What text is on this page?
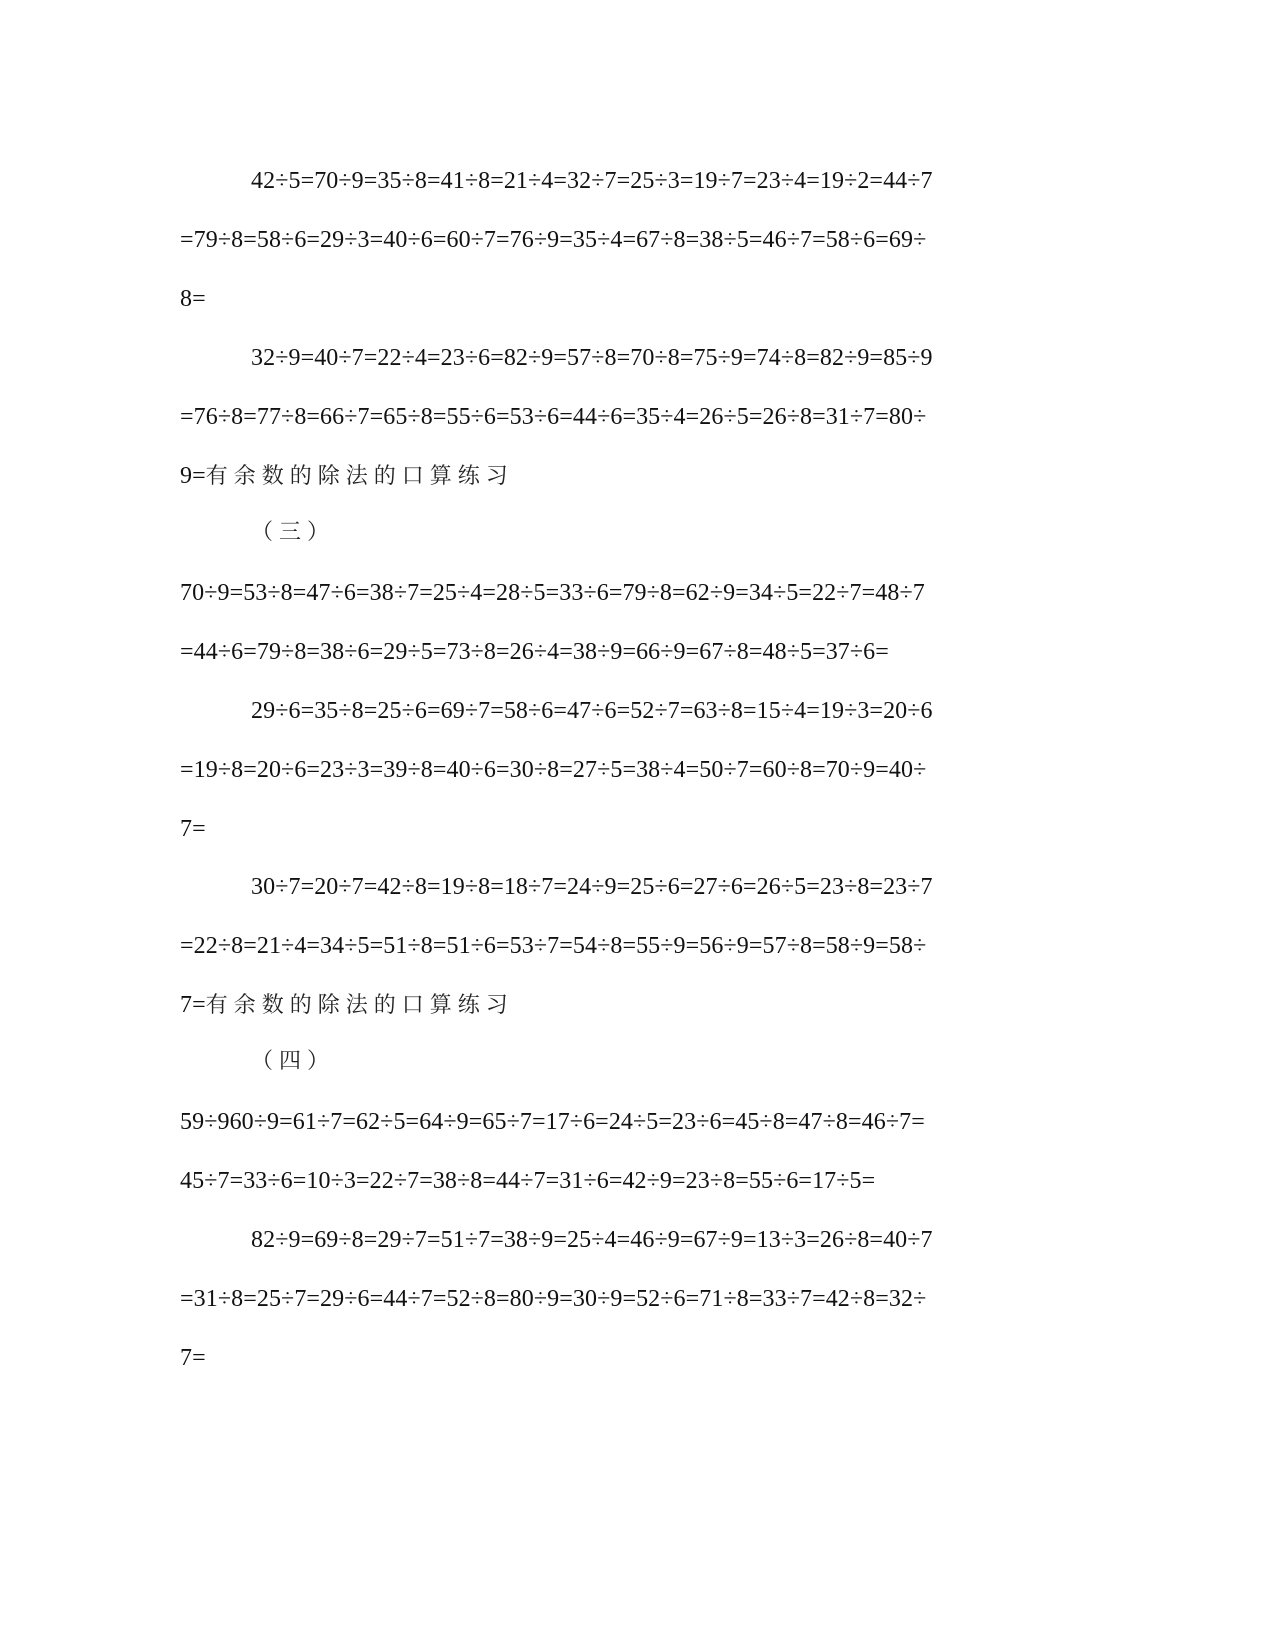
42÷5=70÷9=35÷8=41÷8=21÷4=32÷7=25÷3=19÷7=23÷4=19÷2=44÷7
=79÷8=58÷6=29÷3=40÷6=60÷7=76÷9=35÷4=67÷8=38÷5=46÷7=58÷6=69÷
8=
32÷9=40÷7=22÷4=23÷6=82÷9=57÷8=70÷8=75÷9=74÷8=82÷9=85÷9
=76÷8=77÷8=66÷7=65÷8=55÷6=53÷6=44÷6=35÷4=26÷5=26÷8=31÷7=80÷
9=有余数的除法的口算练习
（三）
70÷9=53÷8=47÷6=38÷7=25÷4=28÷5=33÷6=79÷8=62÷9=34÷5=22÷7=48÷7
=44÷6=79÷8=38÷6=29÷5=73÷8=26÷4=38÷9=66÷9=67÷8=48÷5=37÷6=
29÷6=35÷8=25÷6=69÷7=58÷6=47÷6=52÷7=63÷8=15÷4=19÷3=20÷6
=19÷8=20÷6=23÷3=39÷8=40÷6=30÷8=27÷5=38÷4=50÷7=60÷8=70÷9=40÷
7=
30÷7=20÷7=42÷8=19÷8=18÷7=24÷9=25÷6=27÷6=26÷5=23÷8=23÷7
=22÷8=21÷4=34÷5=51÷8=51÷6=53÷7=54÷8=55÷9=56÷9=57÷8=58÷9=58÷
7=有余数的除法的口算练习
（四）
59÷960÷9=61÷7=62÷5=64÷9=65÷7=17÷6=24÷5=23÷6=45÷8=47÷8=46÷7=
45÷7=33÷6=10÷3=22÷7=38÷8=44÷7=31÷6=42÷9=23÷8=55÷6=17÷5=
82÷9=69÷8=29÷7=51÷7=38÷9=25÷4=46÷9=67÷9=13÷3=26÷8=40÷7
=31÷8=25÷7=29÷6=44÷7=52÷8=80÷9=30÷9=52÷6=71÷8=33÷7=42÷8=32÷
7=
